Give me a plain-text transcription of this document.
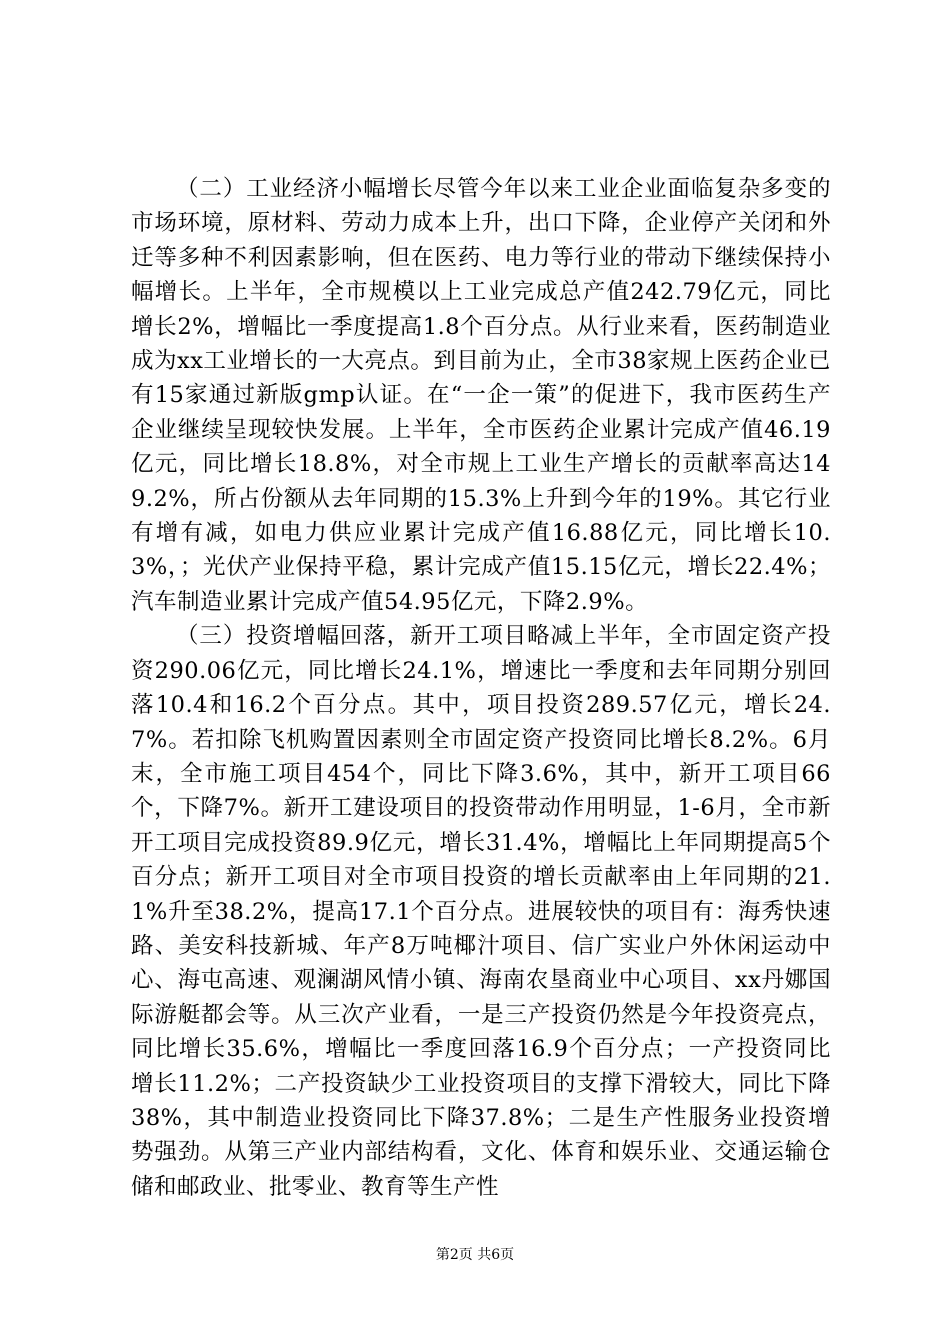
（二）工业经济小幅增长尽管今年以来工业企业面临复杂多变的市场环境，原材料、劳动力成本上升，出口下降，企业停产关闭和外迁等多种不利因素影响，但在医药、电力等行业的带动下继续保持小幅增长。上半年，全市规模以上工业完成总产值242.79亿元，同比增长2%，增幅比一季度提高1.8个百分点。从行业来看，医药制造业成为xx工业增长的一大亮点。到目前为止，全市38家规上医药企业已有15家通过新版gmp认证。在“一企一策”的促进下，我市医药生产企业继续呈现较快发展。上半年，全市医药企业累计完成产值46.19亿元，同比增长18.8%，对全市规上工业生产增长的贡献率高达149.2%，所占份额从去年同期的15.3%上升到今年的19%。其它行业有增有减，如电力供应业累计完成产值16.88亿元，同比增长10.3%，；光伏产业保持平稳，累计完成产值15.15亿元，增长22.4%；汽车制造业累计完成产值54.95亿元，下降2.9%。

（三）投资增幅回落，新开工项目略减上半年，全市固定资产投资290.06亿元，同比增长24.1%，增速比一季度和去年同期分别回落10.4和16.2个百分点。其中，项目投资289.57亿元，增长24.7%。若扣除飞机购置因素则全市固定资产投资同比增长8.2%。6月末，全市施工项目454个，同比下降3.6%，其中，新开工项目66个，下降7%。新开工建设项目的投资带动作用明显，1-6月，全市新开工项目完成投资89.9亿元，增长31.4%，增幅比上年同期提高5个百分点；新开工项目对全市项目投资的增长贡献率由上年同期的21.1%升至38.2%，提高17.1个百分点。进展较快的项目有：海秀快速路、美安科技新城、年产8万吨椰汁项目、信广实业户外休闲运动中心、海屯高速、观澜湖风情小镇、海南农垦商业中心项目、xx丹娜国际游艇都会等。从三次产业看，一是三产投资仍然是今年投资亮点，同比增长35.6%，增幅比一季度回落16.9个百分点；一产投资同比增长11.2%；二产投资缺少工业投资项目的支撑下滑较大，同比下降38%，其中制造业投资同比下降37.8%；二是生产性服务业投资增势强劲。从第三产业内部结构看，文化、体育和娱乐业、交通运输仓储和邮政业、批零业、教育等生产性

第2页 共6页
